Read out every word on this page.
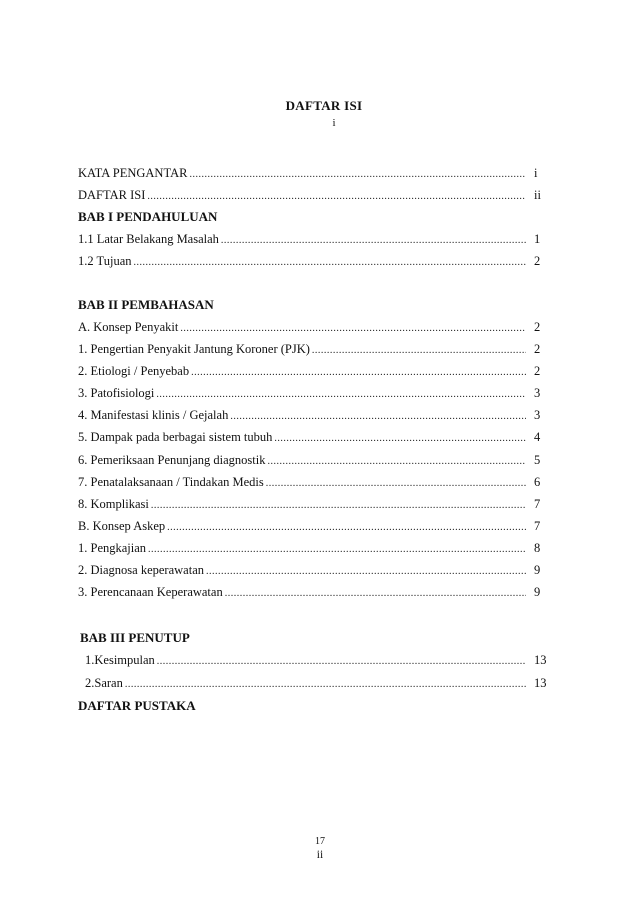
DAFTAR ISI
i
KATA PENGANTAR .....	i
DAFTAR ISI .....	ii
BAB I PENDAHULUAN
1.1 Latar Belakang Masalah .....	1
1.2 Tujuan .....	2
BAB II PEMBAHASAN
A. Konsep Penyakit .....	2
1. Pengertian Penyakit Jantung Koroner (PJK) .....	2
2. Etiologi / Penyebab .....	2
3. Patofisiologi .....	3
4. Manifestasi klinis / Gejalah .....	3
5. Dampak pada berbagai sistem tubuh .....	4
6. Pemeriksaan Penunjang diagnostik .....	5
7. Penatalaksanaan / Tindakan Medis .....	6
8. Komplikasi .....	7
B. Konsep Askep .....	7
1. Pengkajian .....	8
2. Diagnosa keperawatan .....	9
3. Perencanaan Keperawatan .....	9
BAB III PENUTUP
1.Kesimpulan .....	13
2.Saran .....	13
DAFTAR PUSTAKA
17
ii
